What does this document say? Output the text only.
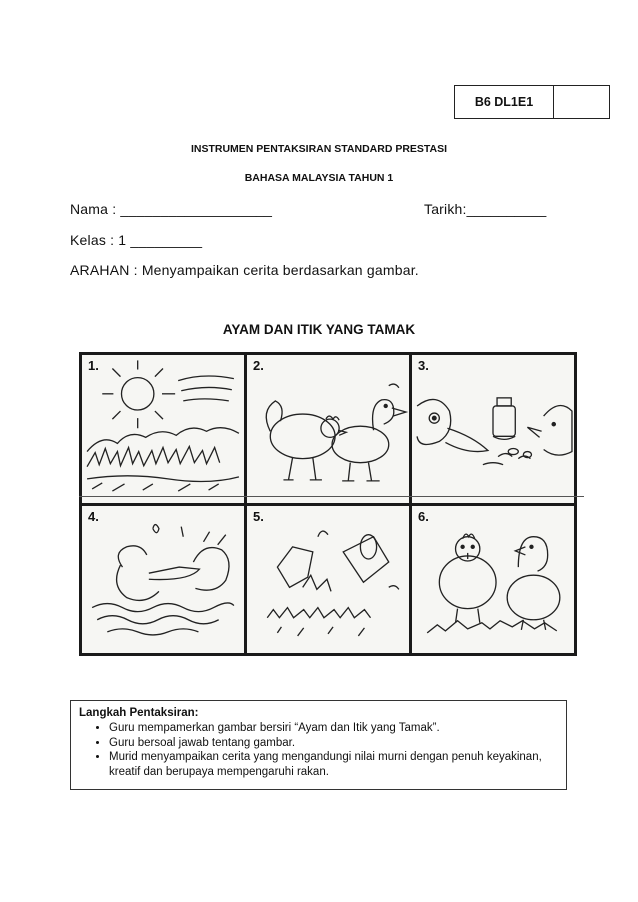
B6 DL1E1
INSTRUMEN PENTAKSIRAN STANDARD PRESTASI
BAHASA MALAYSIA TAHUN 1
Nama : ___________________	Tarikh:__________
Kelas : 1 _________
ARAHAN : Menyampaikan cerita berdasarkan gambar.
AYAM DAN ITIK YANG TAMAK
1.	2.	3.
4.	5.	6.
Langkah Pentaksiran:
• Guru mempamerkan gambar bersiri “Ayam dan Itik yang Tamak”.
• Guru bersoal jawab tentang gambar.
• Murid menyampaikan cerita yang mengandungi nilai murni dengan penuh keyakinan, kreatif dan berupaya mempengaruhi rakan.
